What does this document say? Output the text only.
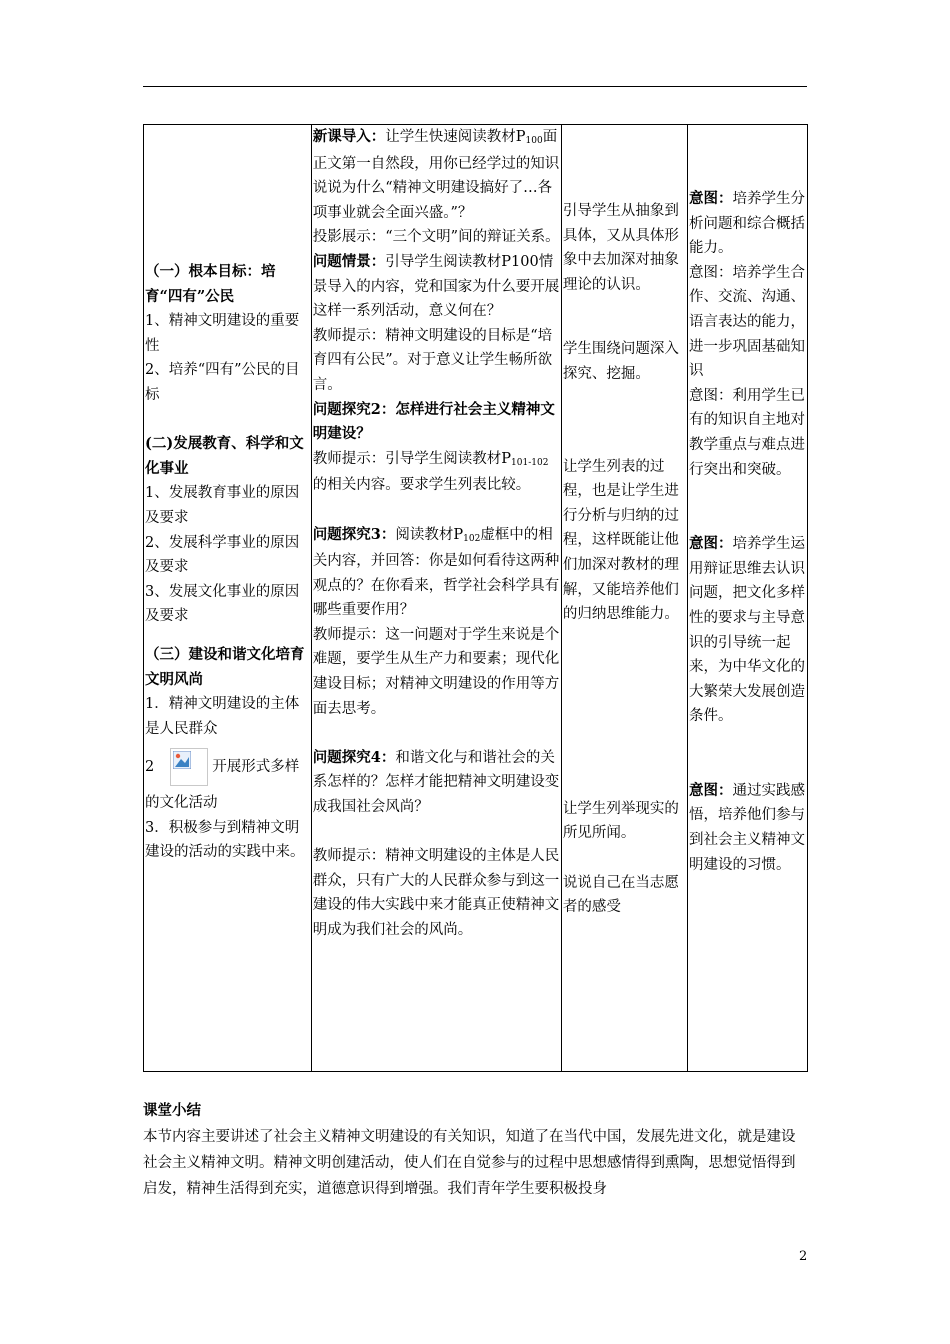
（一）根本目标：培育“四有”公民
1、精神文明建设的重要性
2、培养“四有”公民的目标
(二)发展教育、科学和文化事业
1、发展教育事业的原因及要求
2、发展科学事业的原因及要求
3、发展文化事业的原因及要求
（三）建设和谐文化培育文明风尚
1．精神文明建设的主体是人民群众
2	开展形式多样
的文化活动
3．积极参与到精神文明建设的活动的实践中来。

新课导入：让学生快速阅读教材$P_{100}$面正文第一自然段，用你已经学过的知识说说为什么“精神文明建设搞好了…各项事业就会全面兴盛。”？
投影展示：“三个文明”间的辩证关系。
问题情景：引导学生阅读教材P100情景导入的内容，党和国家为什么要开展这样一系列活动，意义何在？
教师提示：精神文明建设的目标是“培育四有公民”。对于意义让学生畅所欲言。
问题探究2：怎样进行社会主义精神文明建设？
教师提示：引导学生阅读教材$P_{101-102}$的相关内容。要求学生列表比较。
问题探究3：阅读教材$P_{102}$虚框中的相关内容，并回答：你是如何看待这两种观点的？在你看来，哲学社会科学具有哪些重要作用？
教师提示：这一问题对于学生来说是个难题，要学生从生产力和要素；现代化建设目标；对精神文明建设的作用等方面去思考。
问题探究4：和谐文化与和谐社会的关系怎样的？怎样才能把精神文明建设变成我国社会风尚？
教师提示：精神文明建设的主体是人民群众，只有广大的人民群众参与到这一建设的伟大实践中来才能真正使精神文明成为我们社会的风尚。

引导学生从抽象到具体，又从具体形象中去加深对抽象理论的认识。
学生围绕问题深入探究、挖掘。
让学生列表的过程，也是让学生进行分析与归纳的过程，这样既能让他们加深对教材的理解，又能培养他们的归纳思维能力。
让学生列举现实的所见所闻。
说说自己在当志愿者的感受

意图：培养学生分析问题和综合概括能力。
意图：培养学生合作、交流、沟通、语言表达的能力，进一步巩固基础知识
意图：利用学生已有的知识自主地对教学重点与难点进行突出和突破。
意图：培养学生运用辩证思维去认识问题，把文化多样性的要求与主导意识的引导统一起来，为中华文化的大繁荣大发展创造条件。
意图：通过实践感悟，培养他们参与到社会主义精神文明建设的习惯。
课堂小结
本节内容主要讲述了社会主义精神文明建设的有关知识，知道了在当代中国，发展先进文化，就是建设社会主义精神文明。精神文明创建活动，使人们在自觉参与的过程中思想感情得到熏陶，思想觉悟得到启发，精神生活得到充实，道德意识得到增强。我们青年学生要积极投身
2
